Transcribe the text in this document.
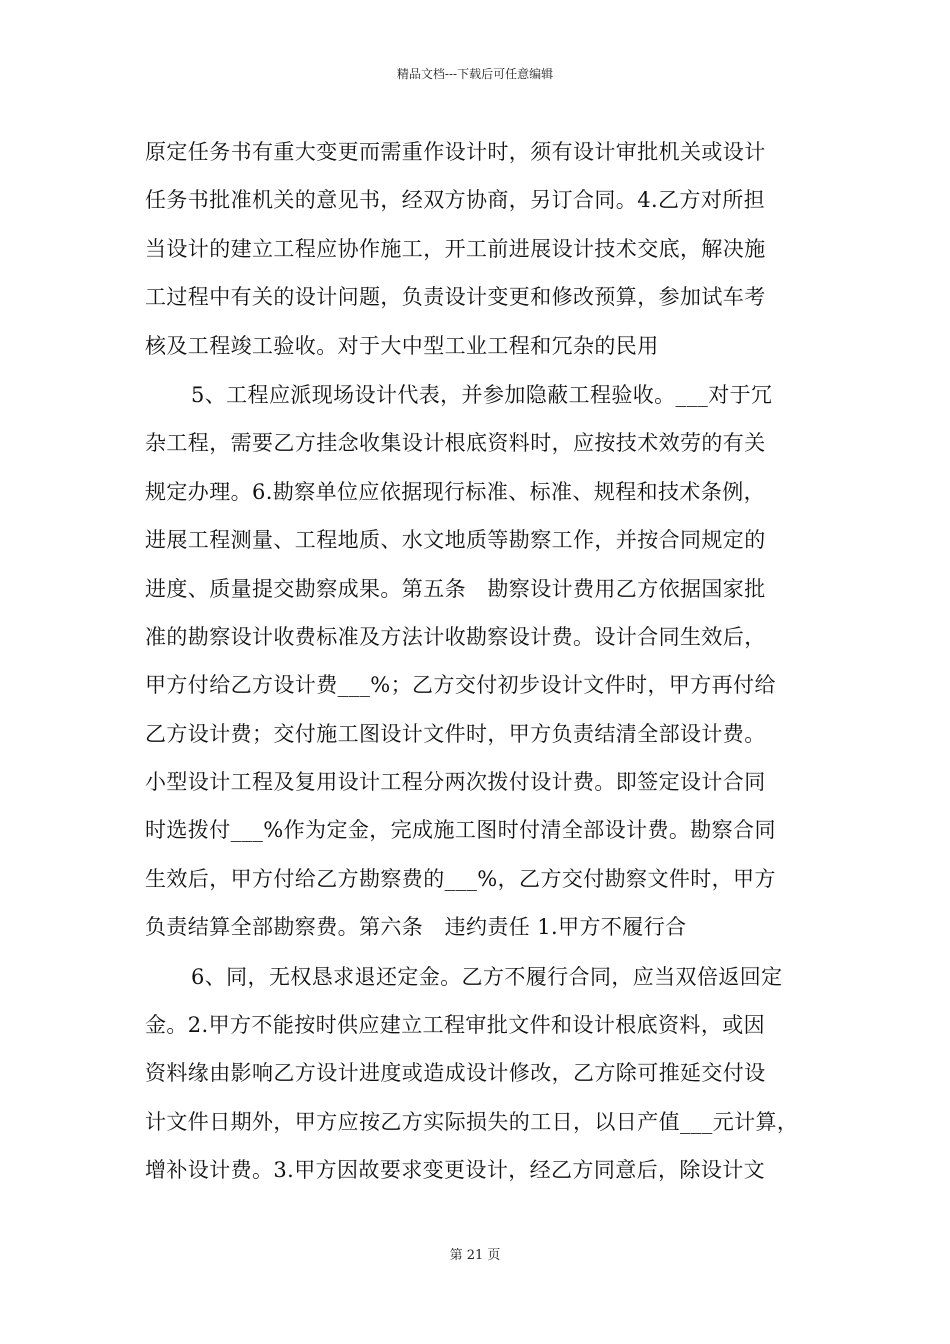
精品文档---下载后可任意编辑
原定任务书有重大变更而需重作设计时，须有设计审批机关或设计
任务书批准机关的意见书，经双方协商，另订合同。4.乙方对所担
当设计的建立工程应协作施工，开工前进展设计技术交底，解决施
工过程中有关的设计问题，负责设计变更和修改预算，参加试车考
核及工程竣工验收。对于大中型工业工程和冗杂的民用
5、工程应派现场设计代表，并参加隐蔽工程验收。___对于冗
杂工程，需要乙方挂念收集设计根底资料时，应按技术效劳的有关
规定办理。6.勘察单位应依据现行标准、标准、规程和技术条例，
进展工程测量、工程地质、水文地质等勘察工作，并按合同规定的
进度、质量提交勘察成果。第五条　勘察设计费用乙方依据国家批
准的勘察设计收费标准及方法计收勘察设计费。设计合同生效后，
甲方付给乙方设计费___%；乙方交付初步设计文件时，甲方再付给
乙方设计费；交付施工图设计文件时，甲方负责结清全部设计费。
小型设计工程及复用设计工程分两次拨付设计费。即签定设计合同
时选拨付___%作为定金，完成施工图时付清全部设计费。勘察合同
生效后，甲方付给乙方勘察费的___%，乙方交付勘察文件时，甲方
负责结算全部勘察费。第六条　违约责任 1.甲方不履行合
6、同，无权恳求退还定金。乙方不履行合同，应当双倍返回定
金。2.甲方不能按时供应建立工程审批文件和设计根底资料，或因
资料缘由影响乙方设计进度或造成设计修改，乙方除可推延交付设
计文件日期外，甲方应按乙方实际损失的工日，以日产值___元计算，
增补设计费。3.甲方因故要求变更设计，经乙方同意后，除设计文
第 21 页
